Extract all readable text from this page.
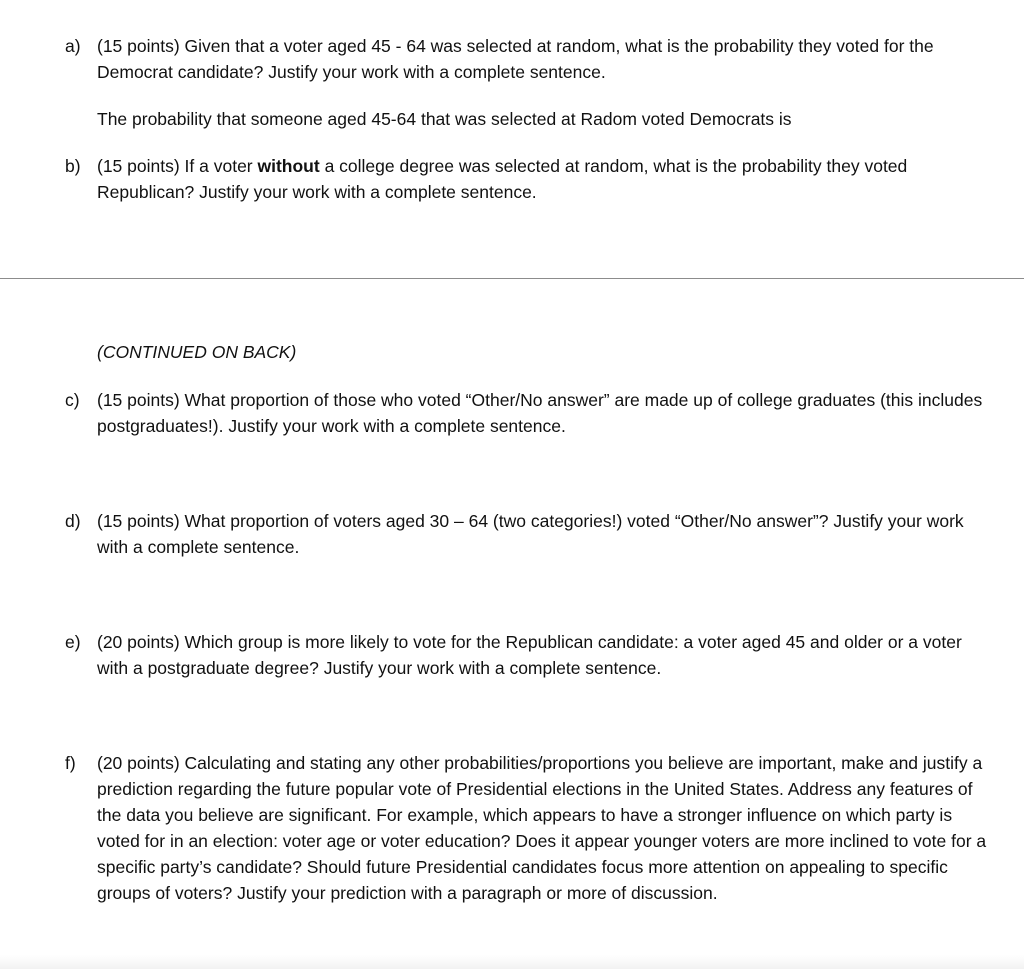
a) (15 points) Given that a voter aged 45 - 64 was selected at random, what is the probability they voted for the Democrat candidate? Justify your work with a complete sentence.
The probability that someone aged 45-64 that was selected at Radom voted Democrats is
b) (15 points) If a voter without a college degree was selected at random, what is the probability they voted Republican? Justify your work with a complete sentence.
(CONTINUED ON BACK)
c) (15 points) What proportion of those who voted “Other/No answer” are made up of college graduates (this includes postgraduates!). Justify your work with a complete sentence.
d) (15 points) What proportion of voters aged 30 – 64 (two categories!) voted “Other/No answer”? Justify your work with a complete sentence.
e) (20 points) Which group is more likely to vote for the Republican candidate: a voter aged 45 and older or a voter with a postgraduate degree? Justify your work with a complete sentence.
f)	(20 points) Calculating and stating any other probabilities/proportions you believe are important, make and justify a prediction regarding the future popular vote of Presidential elections in the United States. Address any features of the data you believe are significant. For example, which appears to have a stronger influence on which party is voted for in an election: voter age or voter education? Does it appear younger voters are more inclined to vote for a specific party’s candidate? Should future Presidential candidates focus more attention on appealing to specific groups of voters? Justify your prediction with a paragraph or more of discussion.
